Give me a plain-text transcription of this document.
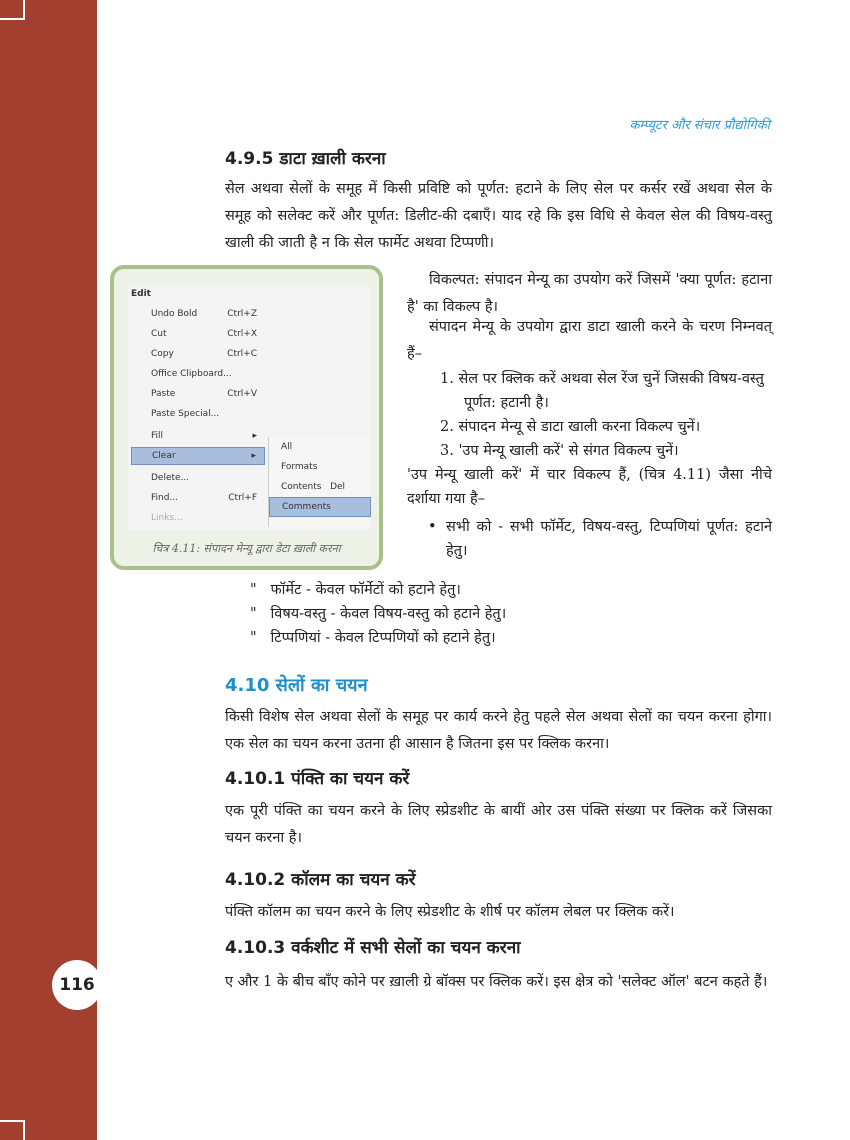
116
कम्प्यूटर और संचार प्रौद्योगिकी
4.9.5 डाटा ख़ाली करना
सेल अथवा सेलों के समूह में किसी प्रविष्टि को पूर्णत: हटाने के लिए सेल पर कर्सर रखें अथवा सेल के समूह को सलेक्ट करें और पूर्णत: डिलीट-की दबाएँ। याद रहे कि इस विधि से केवल सेल की विषय-वस्तु खाली की जाती है न कि सेल फार्मेट अथवा टिप्पणी।
Edit
Undo Bold	Ctrl+Z
Cut	Ctrl+X
Copy	Ctrl+C
Office Clipboard...
Paste	Ctrl+V
Paste Special...
Fill	▸
Clear	▸
Delete...
Find...	Ctrl+F
Links...
All
Formats
Contents   Del
Comments
चित्र 4.11: संपादन मेन्यू द्वारा डेटा ख़ाली करना
विकल्पत: संपादन मेन्यू का उपयोग करें जिसमें 'क्या पूर्णत: हटाना है' का विकल्प है।
संपादन मेन्यू के उपयोग द्वारा डाटा खाली करने के चरण निम्नवत् हैं–
1. सेल पर क्लिक करें अथवा सेल रेंज चुनें जिसकी विषय-वस्तु पूर्णत: हटानी है।
2. संपादन मेन्यू से डाटा खाली करना विकल्प चुनें।
3. 'उप मेन्यू खाली करें' से संगत विकल्प चुनें।
'उप मेन्यू खाली करें' में चार विकल्प हैं, (चित्र 4.11) जैसा नीचे दर्शाया गया है–
• सभी को - सभी फॉर्मेट, विषय-वस्तु, टिप्पणियां पूर्णत: हटाने हेतु।
"   फॉर्मेट - केवल फॉर्मेटों को हटाने हेतु।
"   विषय-वस्तु - केवल विषय-वस्तु को हटाने हेतु।
"   टिप्पणियां - केवल टिप्पणियों को हटाने हेतु।
4.10 सेलों का चयन
किसी विशेष सेल अथवा सेलों के समूह पर कार्य करने हेतु पहले सेल अथवा सेलों का चयन करना होगा। एक सेल का चयन करना उतना ही आसान है जितना इस पर क्लिक करना।
4.10.1 पंक्ति का चयन करें
एक पूरी पंक्ति का चयन करने के लिए स्प्रेडशीट के बायीं ओर उस पंक्ति संख्या पर क्लिक करें जिसका चयन करना है।
4.10.2 कॉलम का चयन करें
पंक्ति कॉलम का चयन करने के लिए स्प्रेडशीट के शीर्ष पर कॉलम लेबल पर क्लिक करें।
4.10.3 वर्कशीट में सभी सेलों का चयन करना
ए और 1 के बीच बाँए कोने पर ख़ाली ग्रे बॉक्स पर क्लिक करें। इस क्षेत्र को 'सलेक्ट ऑल' बटन कहते हैं।
